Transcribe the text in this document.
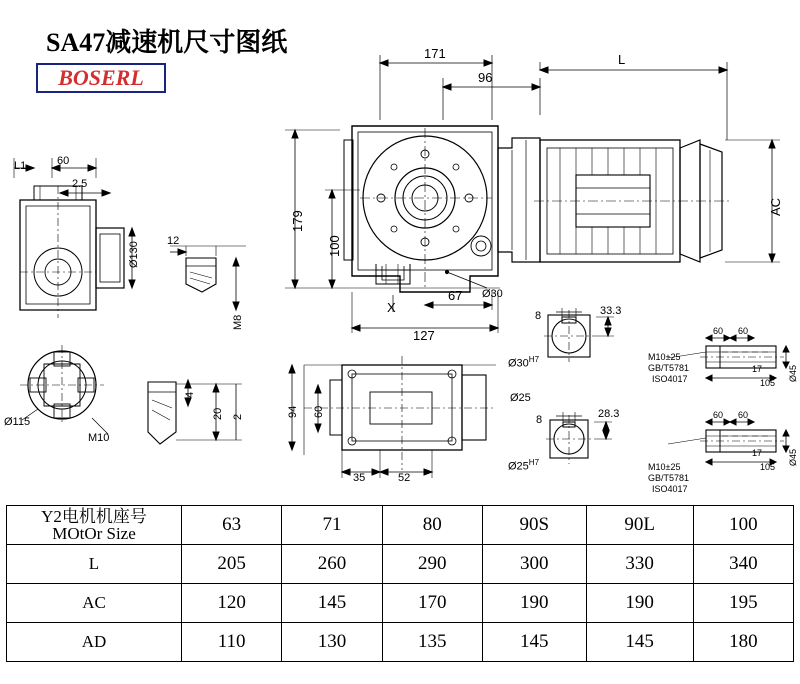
SA47减速机尺寸图纸
BOSERL
171
96
L
179
100
AC
67
127
X
Ø30
L1	60
2.5
Ø130
12
M8
Ø115
M10
4
20 2	94 60
35	52
8	33.3
$Ø30^{H7}$
8	28.3
Ø25
$Ø25^{H7}$
60 60
17
105
Ø45
M10±25
GB/T5781
ISO4017
60 60
17
105
Ø45
M10±25
GB/T5781
ISO4017
Y2电机机座号
MOtOr Size	63	71	80	90S	90L	100
L	205	260	290	300	330	340
AC	120	145	170	190	190	195
AD	110	130	135	145	145	180
